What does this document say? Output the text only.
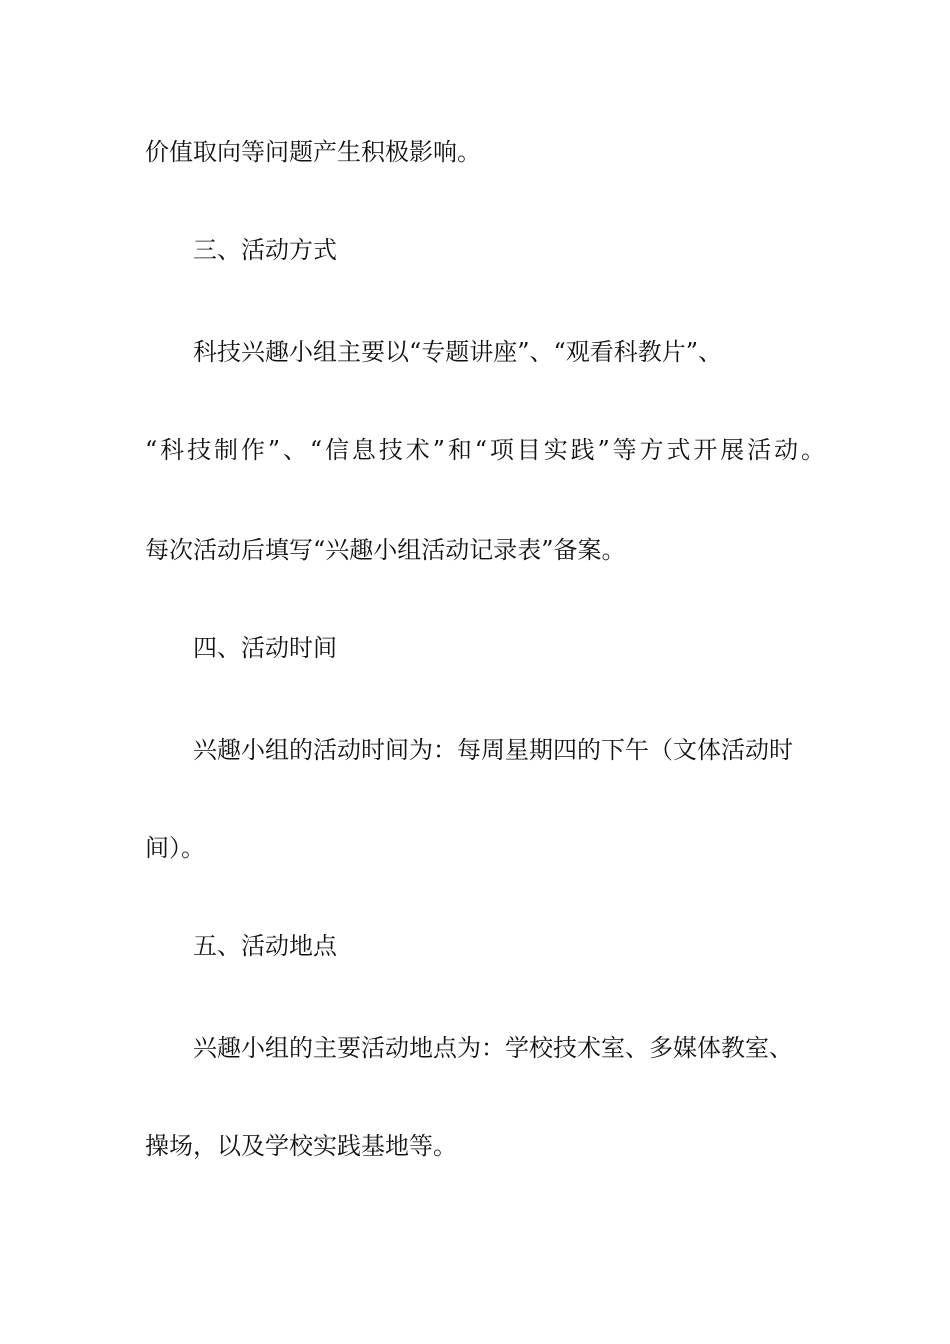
价值取向等问题产生积极影响。
三、活动方式
科技兴趣小组主要以“专题讲座”、“观看科教片”、
“科技制作”、“信息技术”和“项目实践”等方式开展活动。
每次活动后填写“兴趣小组活动记录表”备案。
四、活动时间
兴趣小组的活动时间为：每周星期四的下午（文体活动时
间）。
五、活动地点
兴趣小组的主要活动地点为：学校技术室、多媒体教室、
操场，以及学校实践基地等。
